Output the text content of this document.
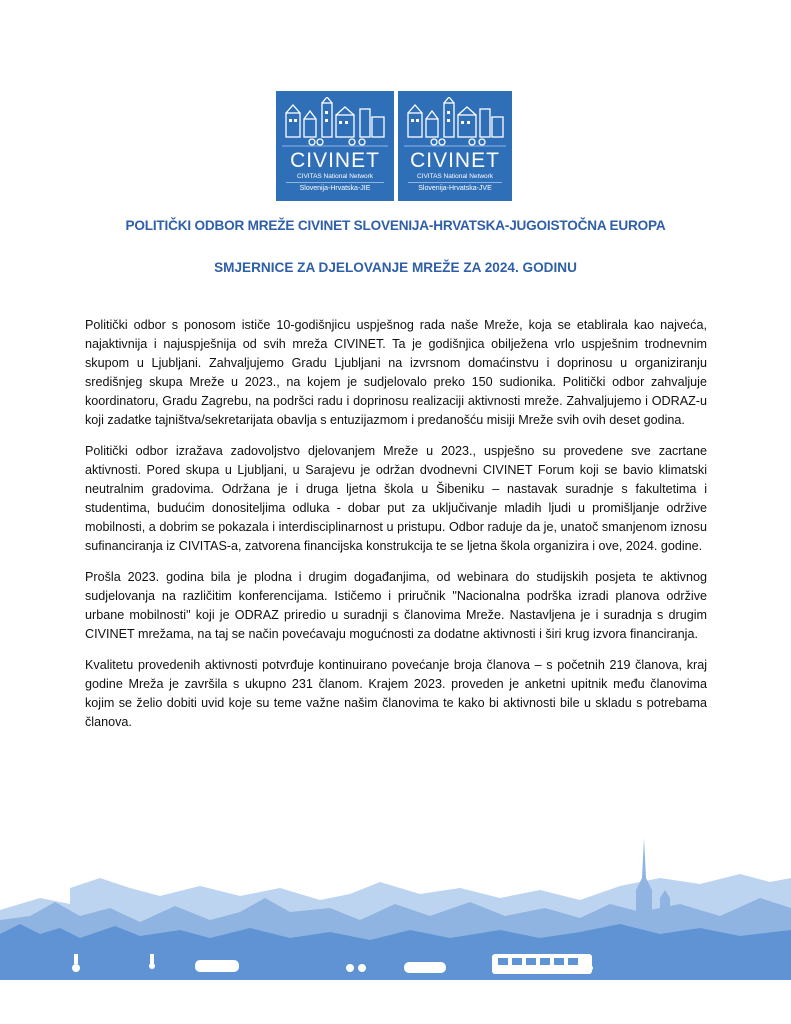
CIVINET
CIVITAS National Network
Slovenija-Hrvatska-JIE
CIVINET
CIVITAS National Network
Slovenija-Hrvatska-JVE
POLITIČKI ODBOR MREŽE CIVINET SLOVENIJA-HRVATSKA-JUGOISTOČNA EUROPA
SMJERNICE ZA DJELOVANJE MREŽE ZA 2024. GODINU

Politički odbor s ponosom ističe 10-godišnjicu uspješnog rada naše Mreže, koja se etablirala kao najveća, najaktivnija i najuspješnija od svih mreža CIVINET. Ta je godišnjica obilježena vrlo uspješnim trodnevnim skupom u Ljubljani. Zahvaljujemo Gradu Ljubljani na izvrsnom domaćinstvu i doprinosu u organiziranju središnjeg skupa Mreže u 2023., na kojem je sudjelovalo preko 150 sudionika. Politički odbor zahvaljuje koordinatoru, Gradu Zagrebu, na podršci radu i doprinosu realizaciji aktivnosti mreže. Zahvaljujemo i ODRAZ-u koji zadatke tajništva/sekretarijata obavlja s entuzijazmom i predanošću misiji Mreže svih ovih deset godina.

Politički odbor izražava zadovoljstvo djelovanjem Mreže u 2023., uspješno su provedene sve zacrtane aktivnosti. Pored skupa u Ljubljani, u Sarajevu je održan dvodnevni CIVINET Forum koji se bavio klimatski neutralnim gradovima. Održana je i druga ljetna škola u Šibeniku – nastavak suradnje s fakultetima i studentima, budućim donositeljima odluka - dobar put za uključivanje mladih ljudi u promišljanje održive mobilnosti, a dobrim se pokazala i interdisciplinarnost u pristupu. Odbor raduje da je, unatoč smanjenom iznosu sufinanciranja iz CIVITAS-a, zatvorena financijska konstrukcija te se ljetna škola organizira i ove, 2024. godine.

Prošla 2023. godina bila je plodna i drugim događanjima, od webinara do studijskih posjeta te aktivnog sudjelovanja na različitim konferencijama. Ističemo i priručnik "Nacionalna podrška izradi planova održive urbane mobilnosti" koji je ODRAZ priredio u suradnji s članovima Mreže. Nastavljena je i suradnja s drugim CIVINET mrežama, na taj se način povećavaju mogućnosti za dodatne aktivnosti i širi krug izvora financiranja.

Kvalitetu provedenih aktivnosti potvrđuje kontinuirano povećanje broja članova – s početnih 219 članova, kraj godine Mreža je završila s ukupno 231 članom. Krajem 2023. proveden je anketni upitnik među članovima kojim se želio dobiti uvid koje su teme važne našim članovima te kako bi aktivnosti bile u skladu s potrebama članova.
